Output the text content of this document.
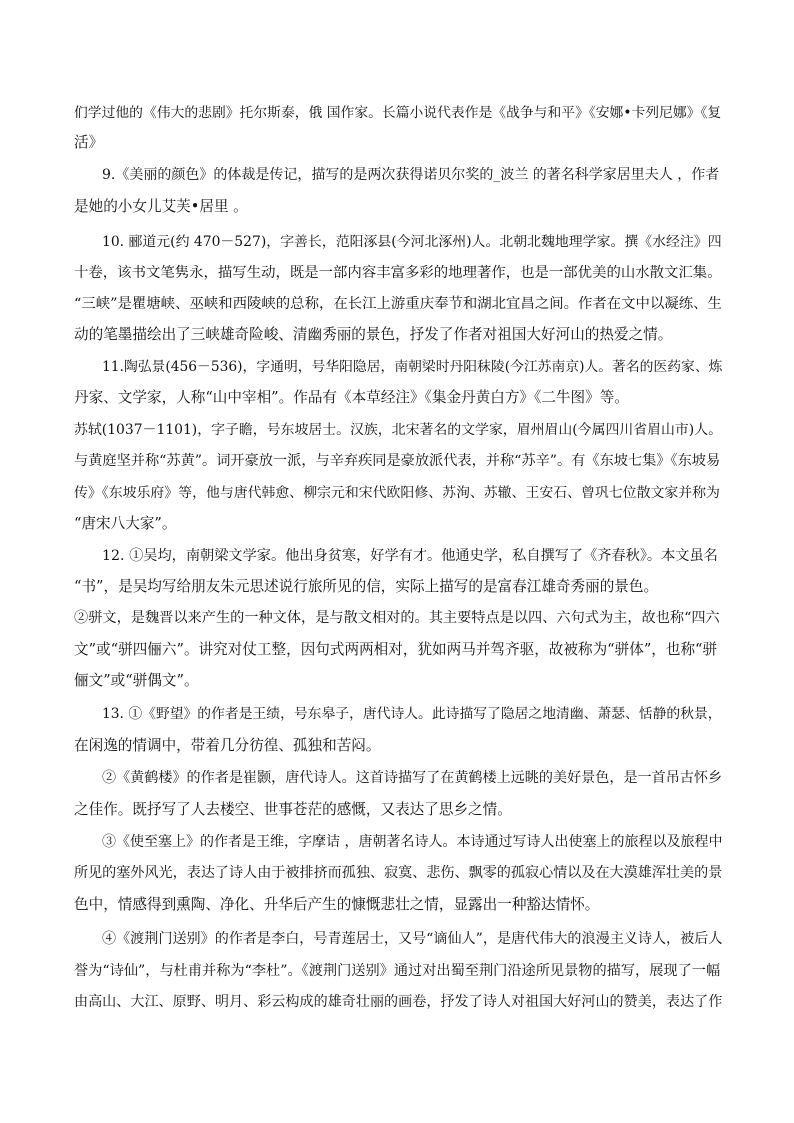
们学过他的《伟大的悲剧》托尔斯泰，俄 国作家。长篇小说代表作是《战争与和平》《安娜•卡列尼娜》《复
活》
9.《美丽的颜色》的体裁是传记，描写的是两次获得诺贝尔奖的_波兰 的著名科学家居里夫人 ，作者
是她的小女儿艾芙•居里 。
10. 郦道元(约 470－527)，字善长，范阳涿县(今河北涿州)人。北朝北魏地理学家。撰《水经注》四
十卷，该书文笔隽永，描写生动，既是一部内容丰富多彩的地理著作，也是一部优美的山水散文汇集。
“三峡”是瞿塘峡、巫峡和西陵峡的总称，在长江上游重庆奉节和湖北宜昌之间。作者在文中以凝练、生
动的笔墨描绘出了三峡雄奇险峻、清幽秀丽的景色，抒发了作者对祖国大好河山的热爱之情。
11.陶弘景(456－536)，字通明，号华阳隐居，南朝梁时丹阳秣陵(今江苏南京)人。著名的医药家、炼
丹家、文学家，人称“山中宰相”。作品有《本草经注》《集金丹黄白方》《二牛图》等。
苏轼(1037－1101)，字子瞻，号东坡居士。汉族，北宋著名的文学家，眉州眉山(今属四川省眉山市)人。
与黄庭坚并称“苏黄”。词开豪放一派，与辛弃疾同是豪放派代表，并称“苏辛”。有《东坡七集》《东坡易
传》《东坡乐府》等，他与唐代韩愈、柳宗元和宋代欧阳修、苏洵、苏辙、王安石、曾巩七位散文家并称为
“唐宋八大家”。
12. ①吴均，南朝梁文学家。他出身贫寒，好学有才。他通史学，私自撰写了《齐春秋》。本文虽名
“书”，是吴均写给朋友朱元思述说行旅所见的信，实际上描写的是富春江雄奇秀丽的景色。
②骈文，是魏晋以来产生的一种文体，是与散文相对的。其主要特点是以四、六句式为主，故也称“四六
文”或“骈四俪六”。讲究对仗工整，因句式两两相对，犹如两马并驾齐驱，故被称为“骈体”，也称“骈
俪文”或“骈偶文”。
13. ①《野望》的作者是王绩，号东皋子，唐代诗人。此诗描写了隐居之地清幽、萧瑟、恬静的秋景，
在闲逸的情调中，带着几分彷徨、孤独和苦闷。
②《黄鹤楼》的作者是崔颢，唐代诗人。这首诗描写了在黄鹤楼上远眺的美好景色，是一首吊古怀乡
之佳作。既抒写了人去楼空、世事苍茫的感慨，又表达了思乡之情。
③《使至塞上》的作者是王维，字摩诘 ，唐朝著名诗人。本诗通过写诗人出使塞上的旅程以及旅程中
所见的塞外风光，表达了诗人由于被排挤而孤独、寂寞、悲伤、飘零的孤寂心情以及在大漠雄浑壮美的景
色中，情感得到熏陶、净化、升华后产生的慷慨悲壮之情，显露出一种豁达情怀。
④《渡荆门送别》的作者是李白，号青莲居士，又号“谪仙人”，是唐代伟大的浪漫主义诗人，被后人
誉为“诗仙”，与杜甫并称为“李杜”。《渡荆门送别》通过对出蜀至荆门沿途所见景物的描写，展现了一幅
由高山、大江、原野、明月、彩云构成的雄奇壮丽的画卷，抒发了诗人对祖国大好河山的赞美，表达了作
